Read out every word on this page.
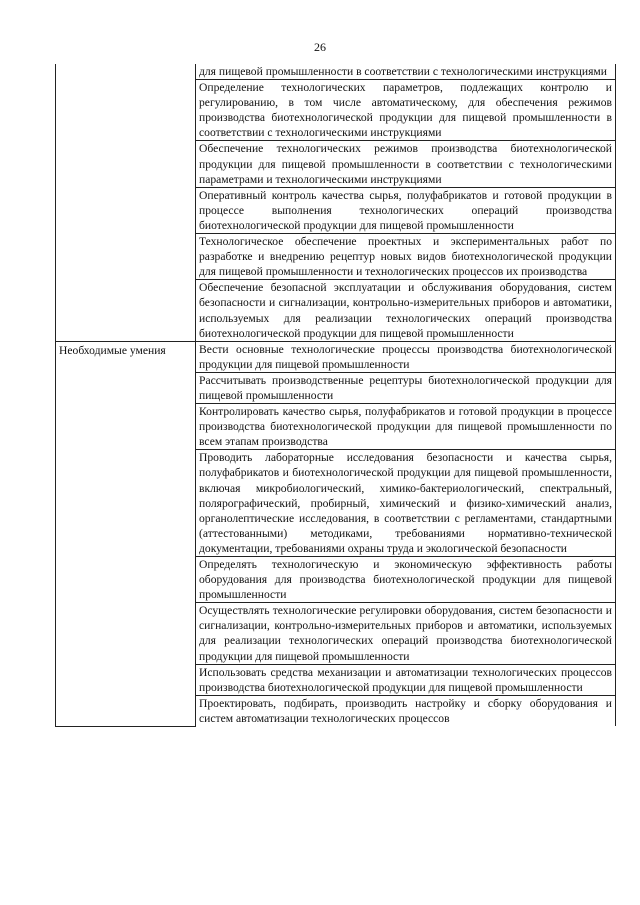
26

	для пищевой промышленности в соответствии с технологическими инструкциями

	Определение технологических параметров, подлежащих контролю и регулированию, в том числе автоматическому, для обеспечения режимов производства биотехнологической продукции для пищевой промышленности в соответствии с технологическими инструкциями

	Обеспечение технологических режимов производства биотехнологической продукции для пищевой промышленности в соответствии с технологическими параметрами и технологическими инструкциями

	Оперативный контроль качества сырья, полуфабрикатов и готовой продукции в процессе выполнения технологических операций производства биотехнологической продукции для пищевой промышленности

	Технологическое обеспечение проектных и экспериментальных работ по разработке и внедрению рецептур новых видов биотехнологической продукции для пищевой промышленности и технологических процессов их производства

	Обеспечение безопасной эксплуатации и обслуживания оборудования, систем безопасности и сигнализации, контрольно-измерительных приборов и автоматики, используемых для реализации технологических операций производства биотехнологической продукции для пищевой промышленности

Необходимые умения	Вести основные технологические процессы производства биотехнологической продукции для пищевой промышленности

	Рассчитывать производственные рецептуры биотехнологической продукции для пищевой промышленности

	Контролировать качество сырья, полуфабрикатов и готовой продукции в процессе производства биотехнологической продукции для пищевой промышленности по всем этапам производства

	Проводить лабораторные исследования безопасности и качества сырья, полуфабрикатов и биотехнологической продукции для пищевой промышленности, включая микробиологический, химико-бактериологический, спектральный, полярографический, пробирный, химический и физико-химический анализ, органолептические исследования, в соответствии с регламентами, стандартными (аттестованными) методиками, требованиями нормативно-технической документации, требованиями охраны труда и экологической безопасности

	Определять технологическую и экономическую эффективность работы оборудования для производства биотехнологической продукции для пищевой промышленности

	Осуществлять технологические регулировки оборудования, систем безопасности и сигнализации, контрольно-измерительных приборов и автоматики, используемых для реализации технологических операций производства биотехнологической продукции для пищевой промышленности

	Использовать средства механизации и автоматизации технологических процессов производства биотехнологической продукции для пищевой промышленности

	Проектировать, подбирать, производить настройку и сборку оборудования и систем автоматизации технологических процессов
